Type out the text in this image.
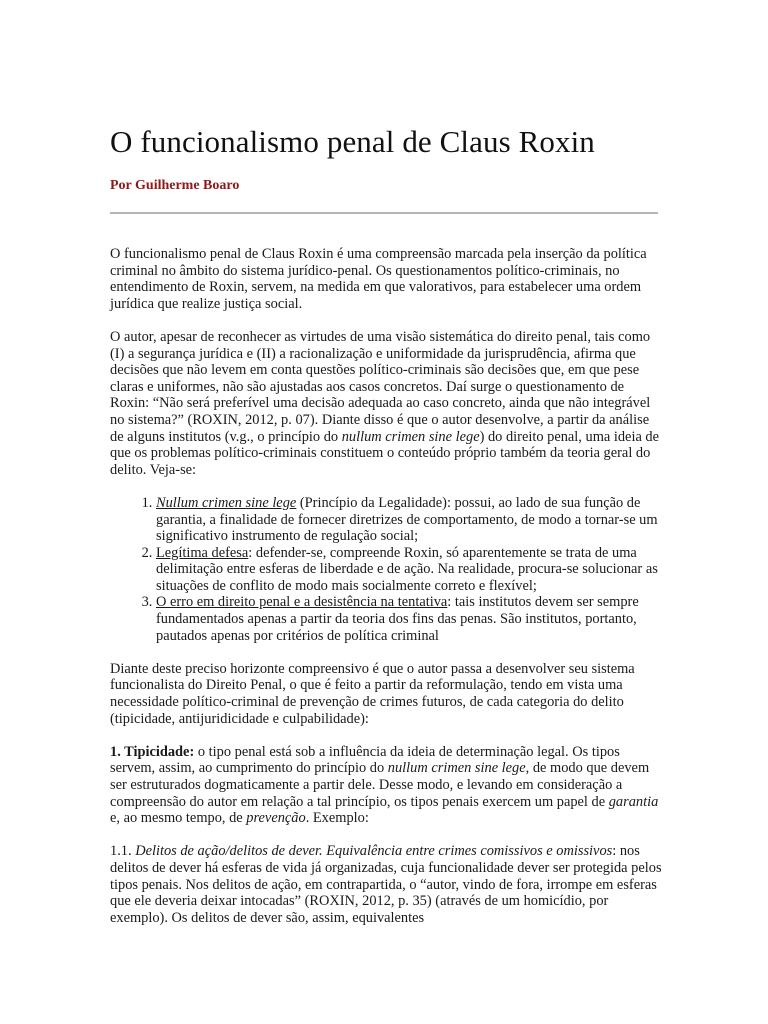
O funcionalismo penal de Claus Roxin

Por Guilherme Boaro

O funcionalismo penal de Claus Roxin é uma compreensão marcada pela inserção da política criminal no âmbito do sistema jurídico-penal. Os questionamentos político-criminais, no entendimento de Roxin, servem, na medida em que valorativos, para estabelecer uma ordem jurídica que realize justiça social.

O autor, apesar de reconhecer as virtudes de uma visão sistemática do direito penal, tais como (I) a segurança jurídica e (II) a racionalização e uniformidade da jurisprudência, afirma que decisões que não levem em conta questões político-criminais são decisões que, em que pese claras e uniformes, não são ajustadas aos casos concretos. Daí surge o questionamento de Roxin: “Não será preferível uma decisão adequada ao caso concreto, ainda que não integrável no sistema?” (ROXIN, 2012, p. 07). Diante disso é que o autor desenvolve, a partir da análise de alguns institutos (v.g., o princípio do nullum crimen sine lege) do direito penal, uma ideia de que os problemas político-criminais constituem o conteúdo próprio também da teoria geral do delito. Veja-se:

1. Nullum crimen sine lege (Princípio da Legalidade): possui, ao lado de sua função de garantia, a finalidade de fornecer diretrizes de comportamento, de modo a tornar-se um significativo instrumento de regulação social;
2. Legítima defesa: defender-se, compreende Roxin, só aparentemente se trata de uma delimitação entre esferas de liberdade e de ação. Na realidade, procura-se solucionar as situações de conflito de modo mais socialmente correto e flexível;
3. O erro em direito penal e a desistência na tentativa: tais institutos devem ser sempre fundamentados apenas a partir da teoria dos fins das penas. São institutos, portanto, pautados apenas por critérios de política criminal

Diante deste preciso horizonte compreensivo é que o autor passa a desenvolver seu sistema funcionalista do Direito Penal, o que é feito a partir da reformulação, tendo em vista uma necessidade político-criminal de prevenção de crimes futuros, de cada categoria do delito (tipicidade, antijuridicidade e culpabilidade):

1. Tipicidade: o tipo penal está sob a influência da ideia de determinação legal. Os tipos servem, assim, ao cumprimento do princípio do nullum crimen sine lege, de modo que devem ser estruturados dogmaticamente a partir dele. Desse modo, e levando em consideração a compreensão do autor em relação a tal princípio, os tipos penais exercem um papel de garantia e, ao mesmo tempo, de prevenção. Exemplo:

1.1. Delitos de ação/delitos de dever. Equivalência entre crimes comissivos e omissivos: nos delitos de dever há esferas de vida já organizadas, cuja funcionalidade dever ser protegida pelos tipos penais. Nos delitos de ação, em contrapartida, o “autor, vindo de fora, irrompe em esferas que ele deveria deixar intocadas” (ROXIN, 2012, p. 35) (através de um homicídio, por exemplo). Os delitos de dever são, assim, equivalentes
